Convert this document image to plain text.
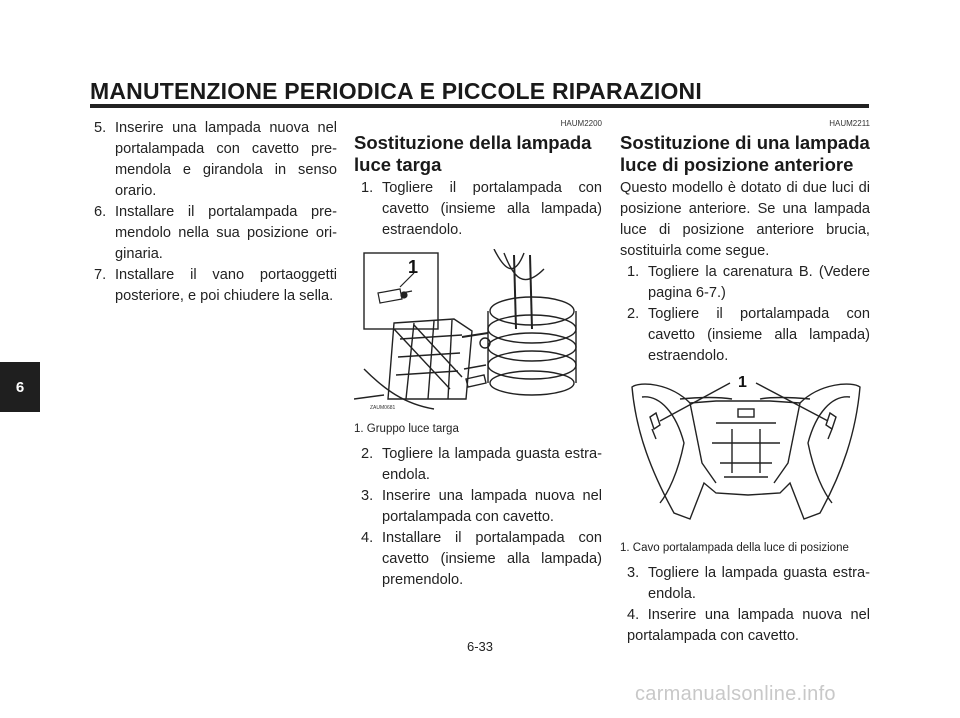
MANUTENZIONE PERIODICA E PICCOLE RIPARAZIONI
6
5. Inserire una lampada nuova nel portalampada con cavetto pre-mendola e girandola in senso orario.
6. Installare il portalampada pre-mendolo nella sua posizione ori-ginaria.
7. Installare il vano portaoggetti posteriore, e poi chiudere la sella.
HAUM2200
Sostituzione della lampada luce targa
1. Togliere il portalampada con cavetto (insieme alla lampada) estraendolo.
1
ZAUM0681
1. Gruppo luce targa
2. Togliere la lampada guasta estra-endola.
3. Inserire una lampada nuova nel portalampada con cavetto.
4. Installare il portalampada con cavetto (insieme alla lampada) premendolo.
HAUM2211
Sostituzione di una lampada luce di posizione anteriore
Questo modello è dotato di due luci di posizione anteriore. Se una lampada luce di posizione anteriore brucia, sostituirla come segue.
1. Togliere la carenatura B. (Vedere pagina 6-7.)
2. Togliere il portalampada con cavetto (insieme alla lampada) estraendolo.
1
1. Cavo portalampada della luce di posizione
3. Togliere la lampada guasta estra-endola.
4. Inserire una lampada nuova nel portalampada con cavetto.
6-33
carmanualsonline.info
